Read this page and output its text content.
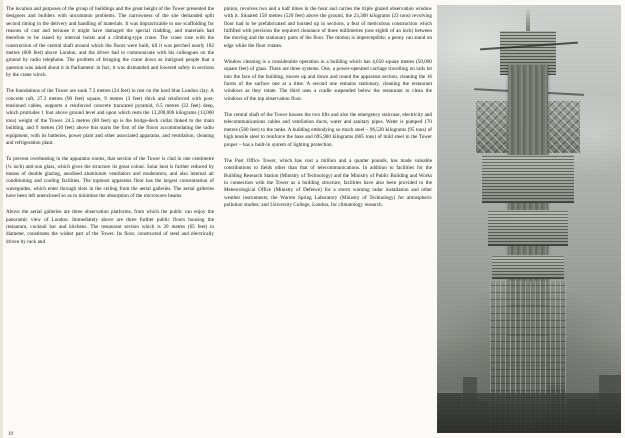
The location and purposes of the group of buildings and the great height of the Tower presented the designers and builders with uncommon problems. The narrowness of the site demanded split second timing in the delivery and handling of materials. It was impracticable to use scaffolding for reasons of cost and because it might have damaged the special cladding, and materials had therefore to be raised by internal hoists and a climbing-type crane. The crane rose with the construction of the central shaft around which the floors were built, till it was perched nearly 182 metres (600 feet) above London, and the driver had to communicate with his colleagues on the ground by radio telephone. The problem of bringing the crane down as intrigued people that a question was asked about it in Parliament: in fact, it was dismantled and lowered safely in sections by the crane winch.

The foundations of the Tower are sunk 7.3 metres (24 feet) to rest on the hard blue London clay. A concrete raft, 27.3 metres (90 feet) square, 9 metres (3 feet) thick and reinforced with post-tensioned cables, supports a reinforced concrete truncated pyramid, 6.5 metres (22 feet) deep, which protrudes 1 foot above ground level and upon which rests the 13,200,000 kilograms (13,000 tons) weight of the Tower. 24.5 metres (80 feet) up is the bridge-deck collar linked to the main building, and 9 metres (30 feet) above this starts the first of the floors accommodating the radio equipment, with its batteries, power plant and other associated apparatus, and ventilation, cleaning and refrigeration plant.

To prevent overheating in the apparatus rooms, that section of the Tower is clad in one centimetre (¼ inch) anti-sun glass, which gives the structure its great colour. Solar heat is further reduced by means of double glazing, anodised aluminium ventilators and moderators, and also internal air conditioning and cooling facilities. The topmost apparatus floor has the largest concentration of waveguides, which enter through slots in the ceiling from the aerial galleries. The aerial galleries have been left unenclosed so as to minimise the absorption of the microwave beams.

Above the aerial galleries are three observation platforms, from which the public can enjoy the panoramic view of London. Immediately above are three further public floors housing the restaurant, cocktail bar and kitchens. The restaurant section which is 20 metres (65 feet) in diameter, constitutes the widest part of the Tower. Its floor, constructed of steel and electrically driven by rack and

pinion, revolves two and a half times in the hour and carries the triple glazed observation window with it. Situated 158 metres (520 feet) above the ground, the 23,368 kilograms (23 tons) revolving floor had to be prefabricated and hoisted up in sections, a feat of meticulous construction which fulfilled with precision the required clearance of three millimetres (one eighth of an inch) between the moving and the stationary parts of the floor. The motion is imperceptible; a penny can stand on edge while the floor rotates.

Window cleaning is a considerable operation in a building which has 4,650 square metres (50,000 square feet) of glass. There are three systems. One, a power-operated carriage travelling on rails let into the face of the building, moves up and down and round the apparatus section, cleaning the 16 facets of the surface one at a time. A second one remains stationary, cleaning the restaurant windows as they rotate. The third uses a cradle suspended below the restaurant to clean the windows of the top observation floor.

The central shaft of the Tower houses the two lifts and also the emergency staircase, electricity and telecommunications cables and ventilation ducts, water and sanitary pipes. Water is pumped 170 metres (560 feet) to the tanks. A building embodying so much steel – 96,520 kilograms (95 tons) of high tensile steel to reinforce the base and 695,900 kilograms (685 tons) of mild steel in the Tower proper – has a built-in system of lighting protection.

The Post Office Tower, which has cost a million and a quarter pounds, has made valuable contributions to fields other than that of telecommunications. In addition to facilities for the Building Research Station (Ministry of Technology) and the Ministry of Public Building and Works in connection with the Tower as a building structure, facilities have also been provided to the Meteorological Office (Ministry of Defence) for a storm warning radar installation and other weather instruments; the Warren Spring Laboratory (Ministry of Technology) for atmospheric pollution studies; and University College, London, for climatology research.

19
